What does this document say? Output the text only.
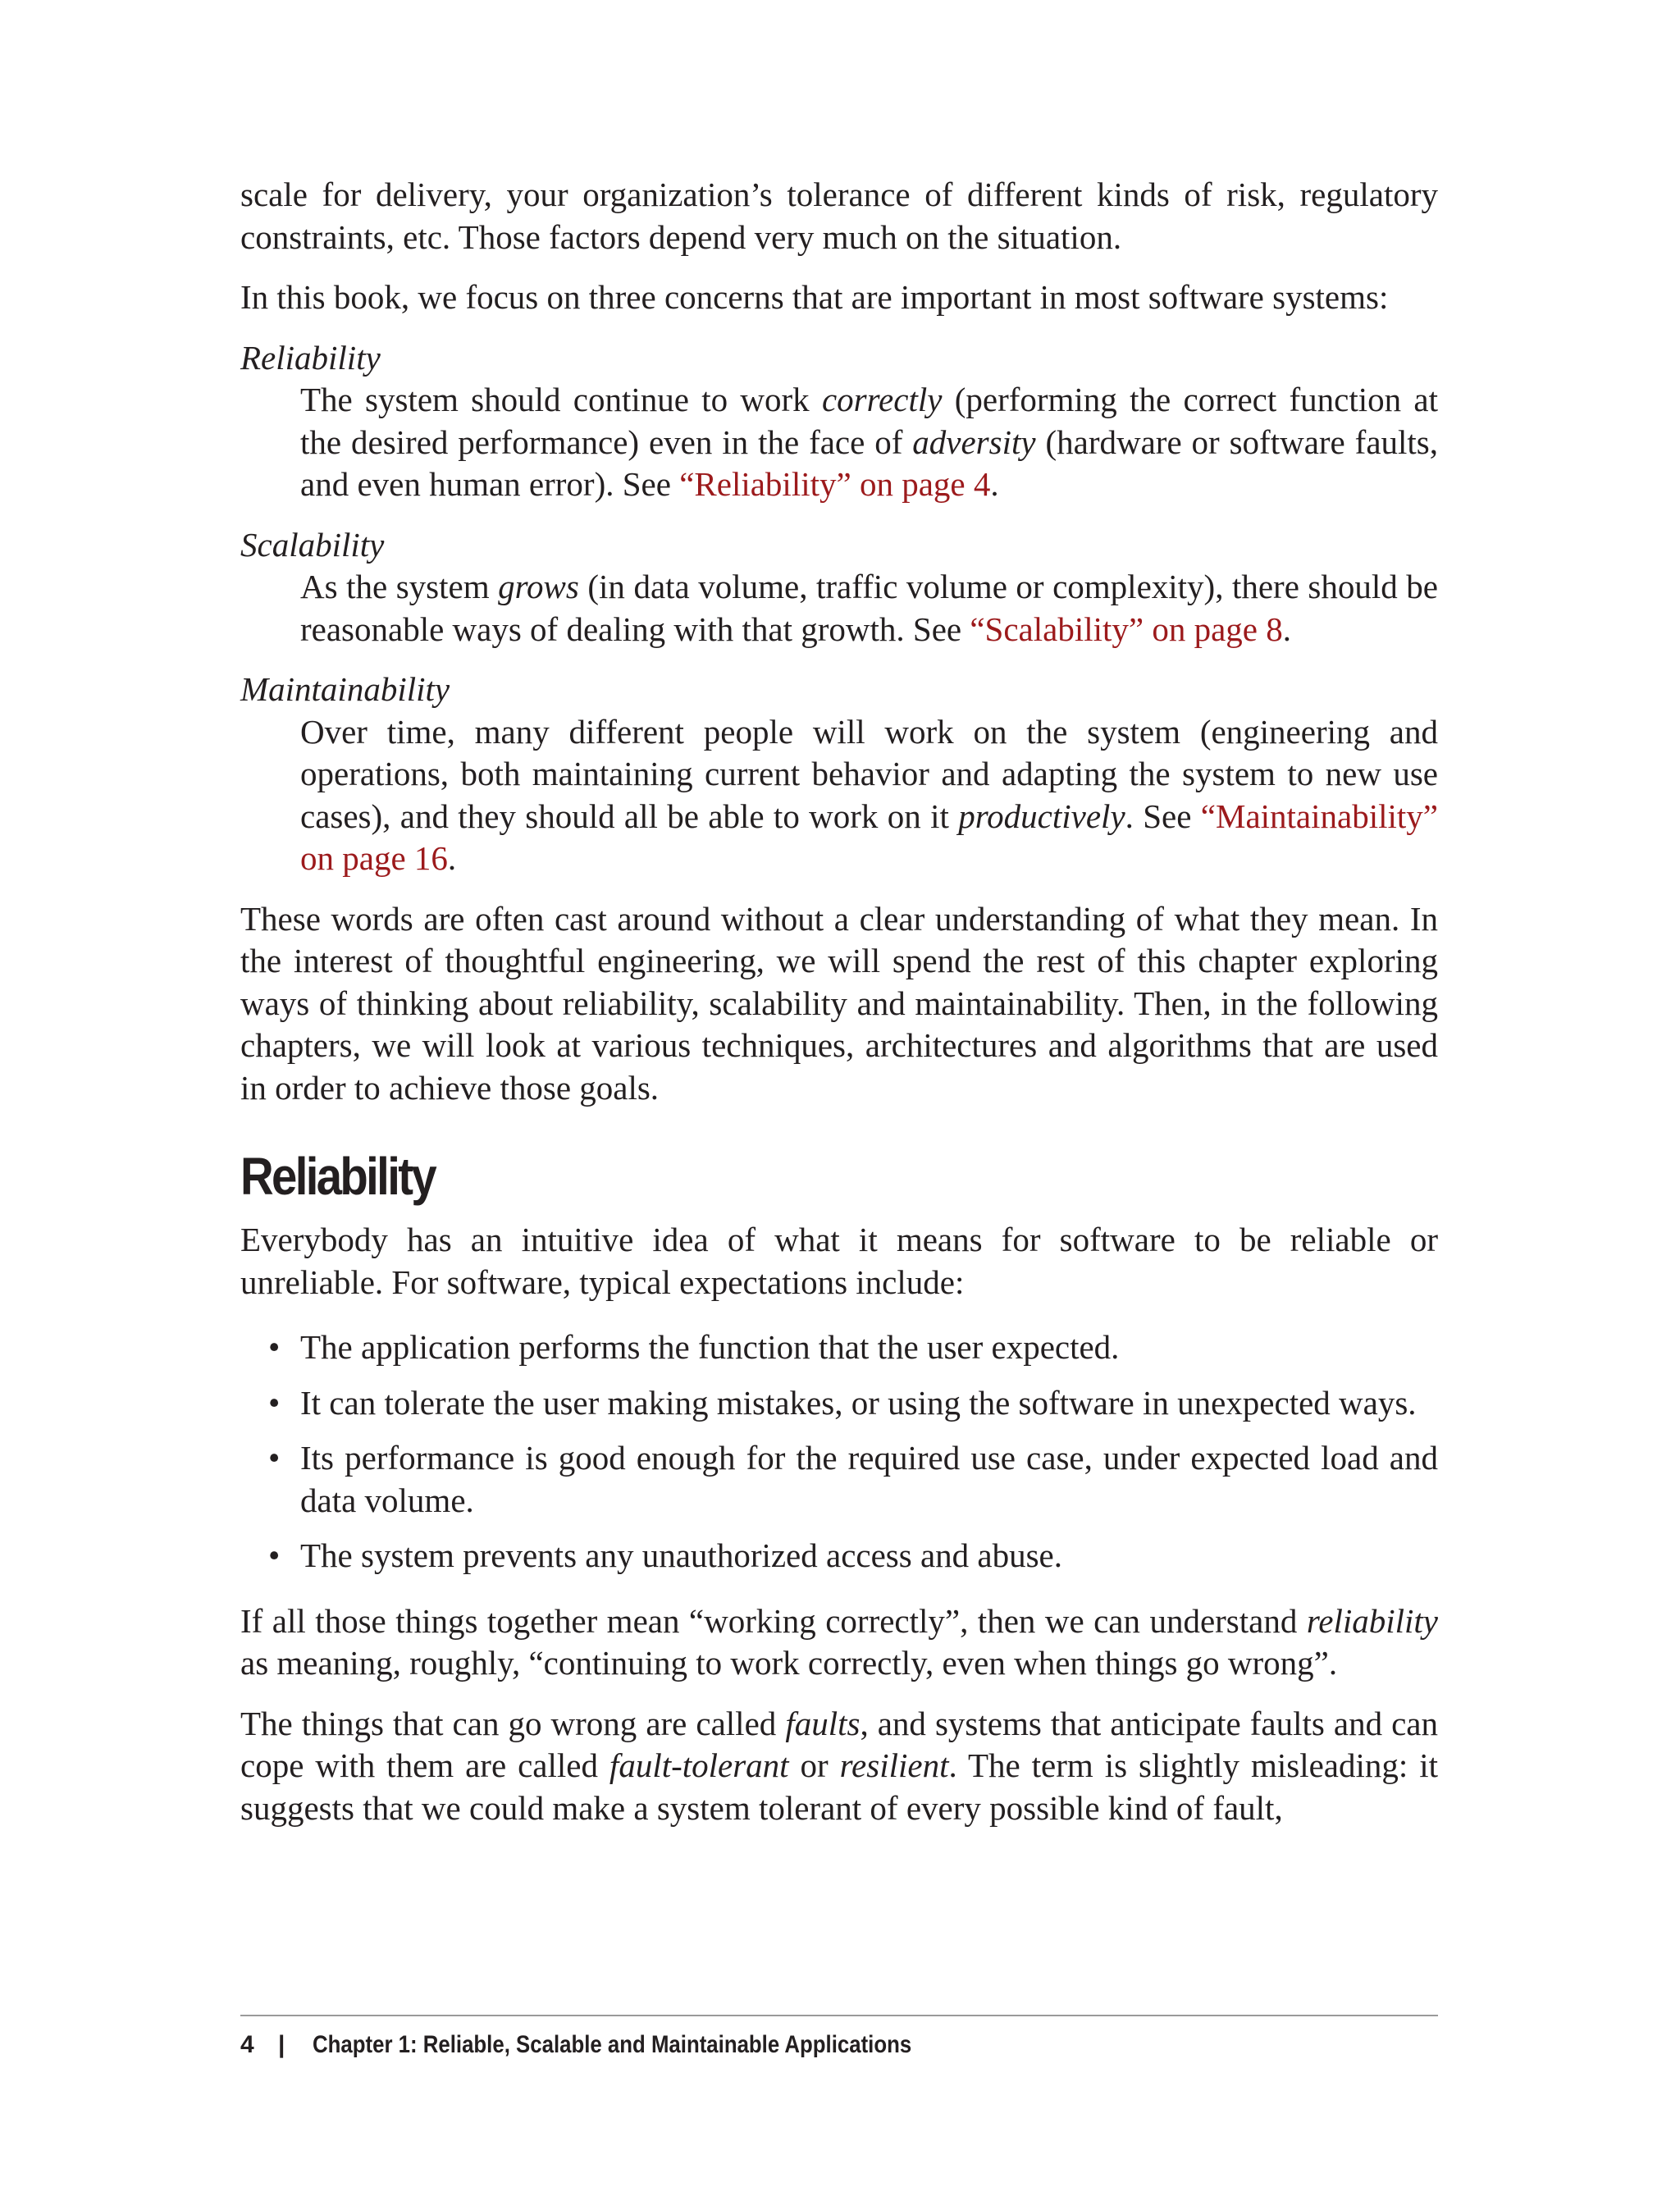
scale for delivery, your organization’s tolerance of different kinds of risk, regulatory constraints, etc. Those factors depend very much on the situation.

In this book, we focus on three concerns that are important in most software systems:

Reliability
The system should continue to work correctly (performing the correct function at the desired performance) even in the face of adversity (hardware or software faults, and even human error). See “Reliability” on page 4.
Scalability
As the system grows (in data volume, traffic volume or complexity), there should be reasonable ways of dealing with that growth. See “Scalability” on page 8.
Maintainability
Over time, many different people will work on the system (engineering and operations, both maintaining current behavior and adapting the system to new use cases), and they should all be able to work on it productively. See “Maintainability” on page 16.

These words are often cast around without a clear understanding of what they mean. In the interest of thoughtful engineering, we will spend the rest of this chapter exploring ways of thinking about reliability, scalability and maintainability. Then, in the following chapters, we will look at various techniques, architectures and algorithms that are used in order to achieve those goals.

Reliability

Everybody has an intuitive idea of what it means for software to be reliable or unreliable. For software, typical expectations include:

• The application performs the function that the user expected.
• It can tolerate the user making mistakes, or using the software in unexpected ways.
• Its performance is good enough for the required use case, under expected load and data volume.
• The system prevents any unauthorized access and abuse.

If all those things together mean “working correctly”, then we can understand reliability as meaning, roughly, “continuing to work correctly, even when things go wrong”.

The things that can go wrong are called faults, and systems that anticipate faults and can cope with them are called fault-tolerant or resilient. The term is slightly misleading: it suggests that we could make a system tolerant of every possible kind of fault,

4 | Chapter 1: Reliable, Scalable and Maintainable Applications
